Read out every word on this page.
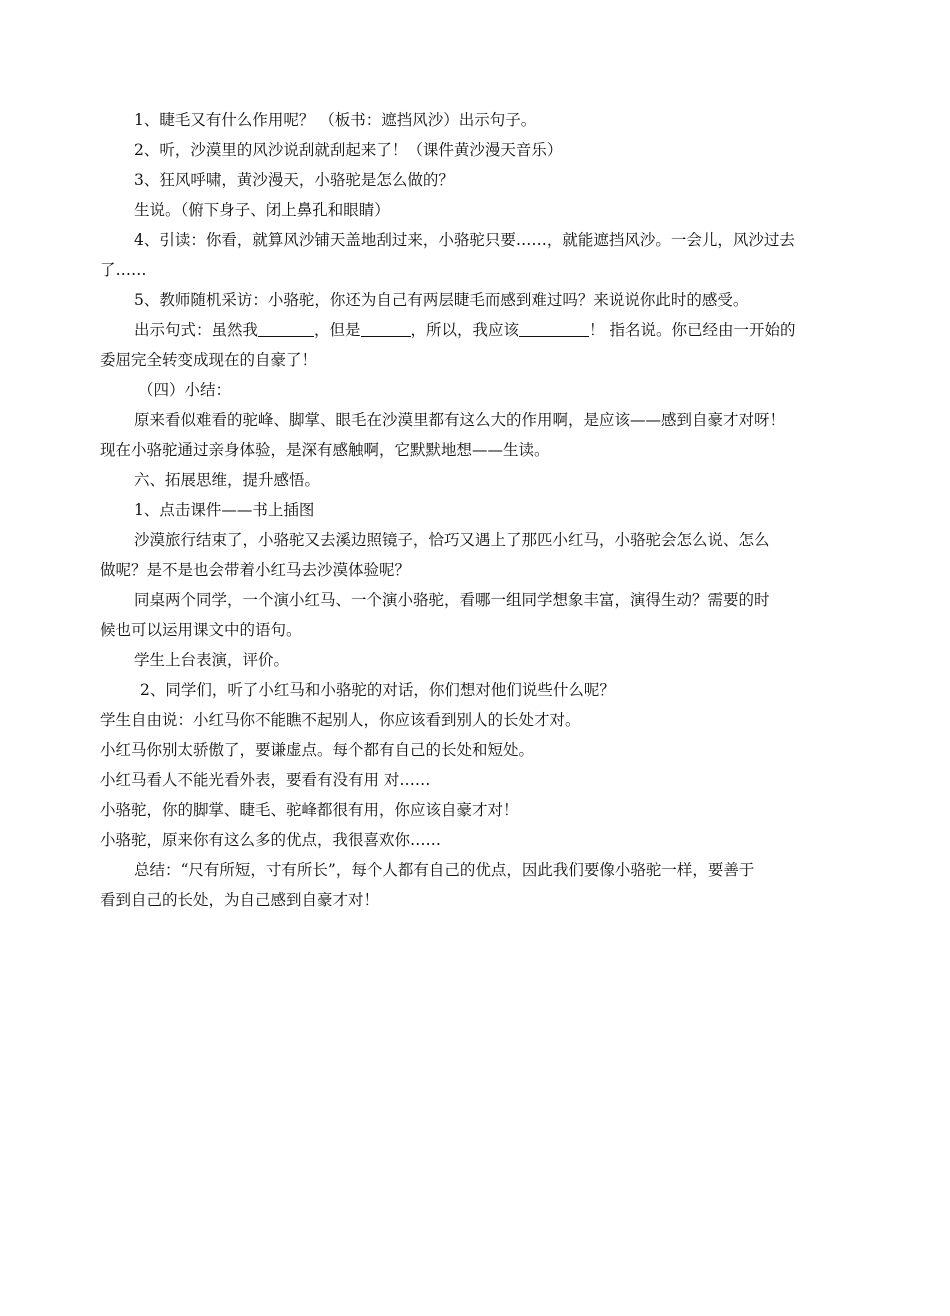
1、睫毛又有什么作用呢？ （板书：遮挡风沙）出示句子。
2、听，沙漠里的风沙说刮就刮起来了！（课件黄沙漫天音乐）
3、狂风呼啸，黄沙漫天，小骆驼是怎么做的？
生说。（俯下身子、闭上鼻孔和眼睛）
4、引读：你看，就算风沙铺天盖地刮过来，小骆驼只要……，就能遮挡风沙。一会儿，风沙过去
了……
5、教师随机采访：小骆驼，你还为自己有两层睫毛而感到难过吗？来说说你此时的感受。
出示句式：虽然我	，但是	，所以，我应该	！ 指名说。你已经由一开始的
委屈完全转变成现在的自豪了！
（四）小结：
原来看似难看的驼峰、脚掌、眼毛在沙漠里都有这么大的作用啊，是应该——感到自豪才对呀！
现在小骆驼通过亲身体验，是深有感触啊，它默默地想——生读。
六、拓展思维，提升感悟。
1、点击课件——书上插图
沙漠旅行结束了，小骆驼又去溪边照镜子，恰巧又遇上了那匹小红马，小骆驼会怎么说、怎么
做呢？是不是也会带着小红马去沙漠体验呢？
同桌两个同学，一个演小红马、一个演小骆驼，看哪一组同学想象丰富，演得生动？需要的时
候也可以运用课文中的语句。
学生上台表演，评价。
2、同学们，听了小红马和小骆驼的对话，你们想对他们说些什么呢？
学生自由说：小红马你不能瞧不起别人，你应该看到别人的长处才对。
小红马你别太骄傲了，要谦虚点。每个都有自己的长处和短处。
小红马看人不能光看外表，要看有没有用 对……
小骆驼，你的脚掌、睫毛、驼峰都很有用，你应该自豪才对！
小骆驼，原来你有这么多的优点，我很喜欢你……
总结：“尺有所短，寸有所长”，每个人都有自己的优点，因此我们要像小骆驼一样，要善于
看到自己的长处，为自己感到自豪才对！
